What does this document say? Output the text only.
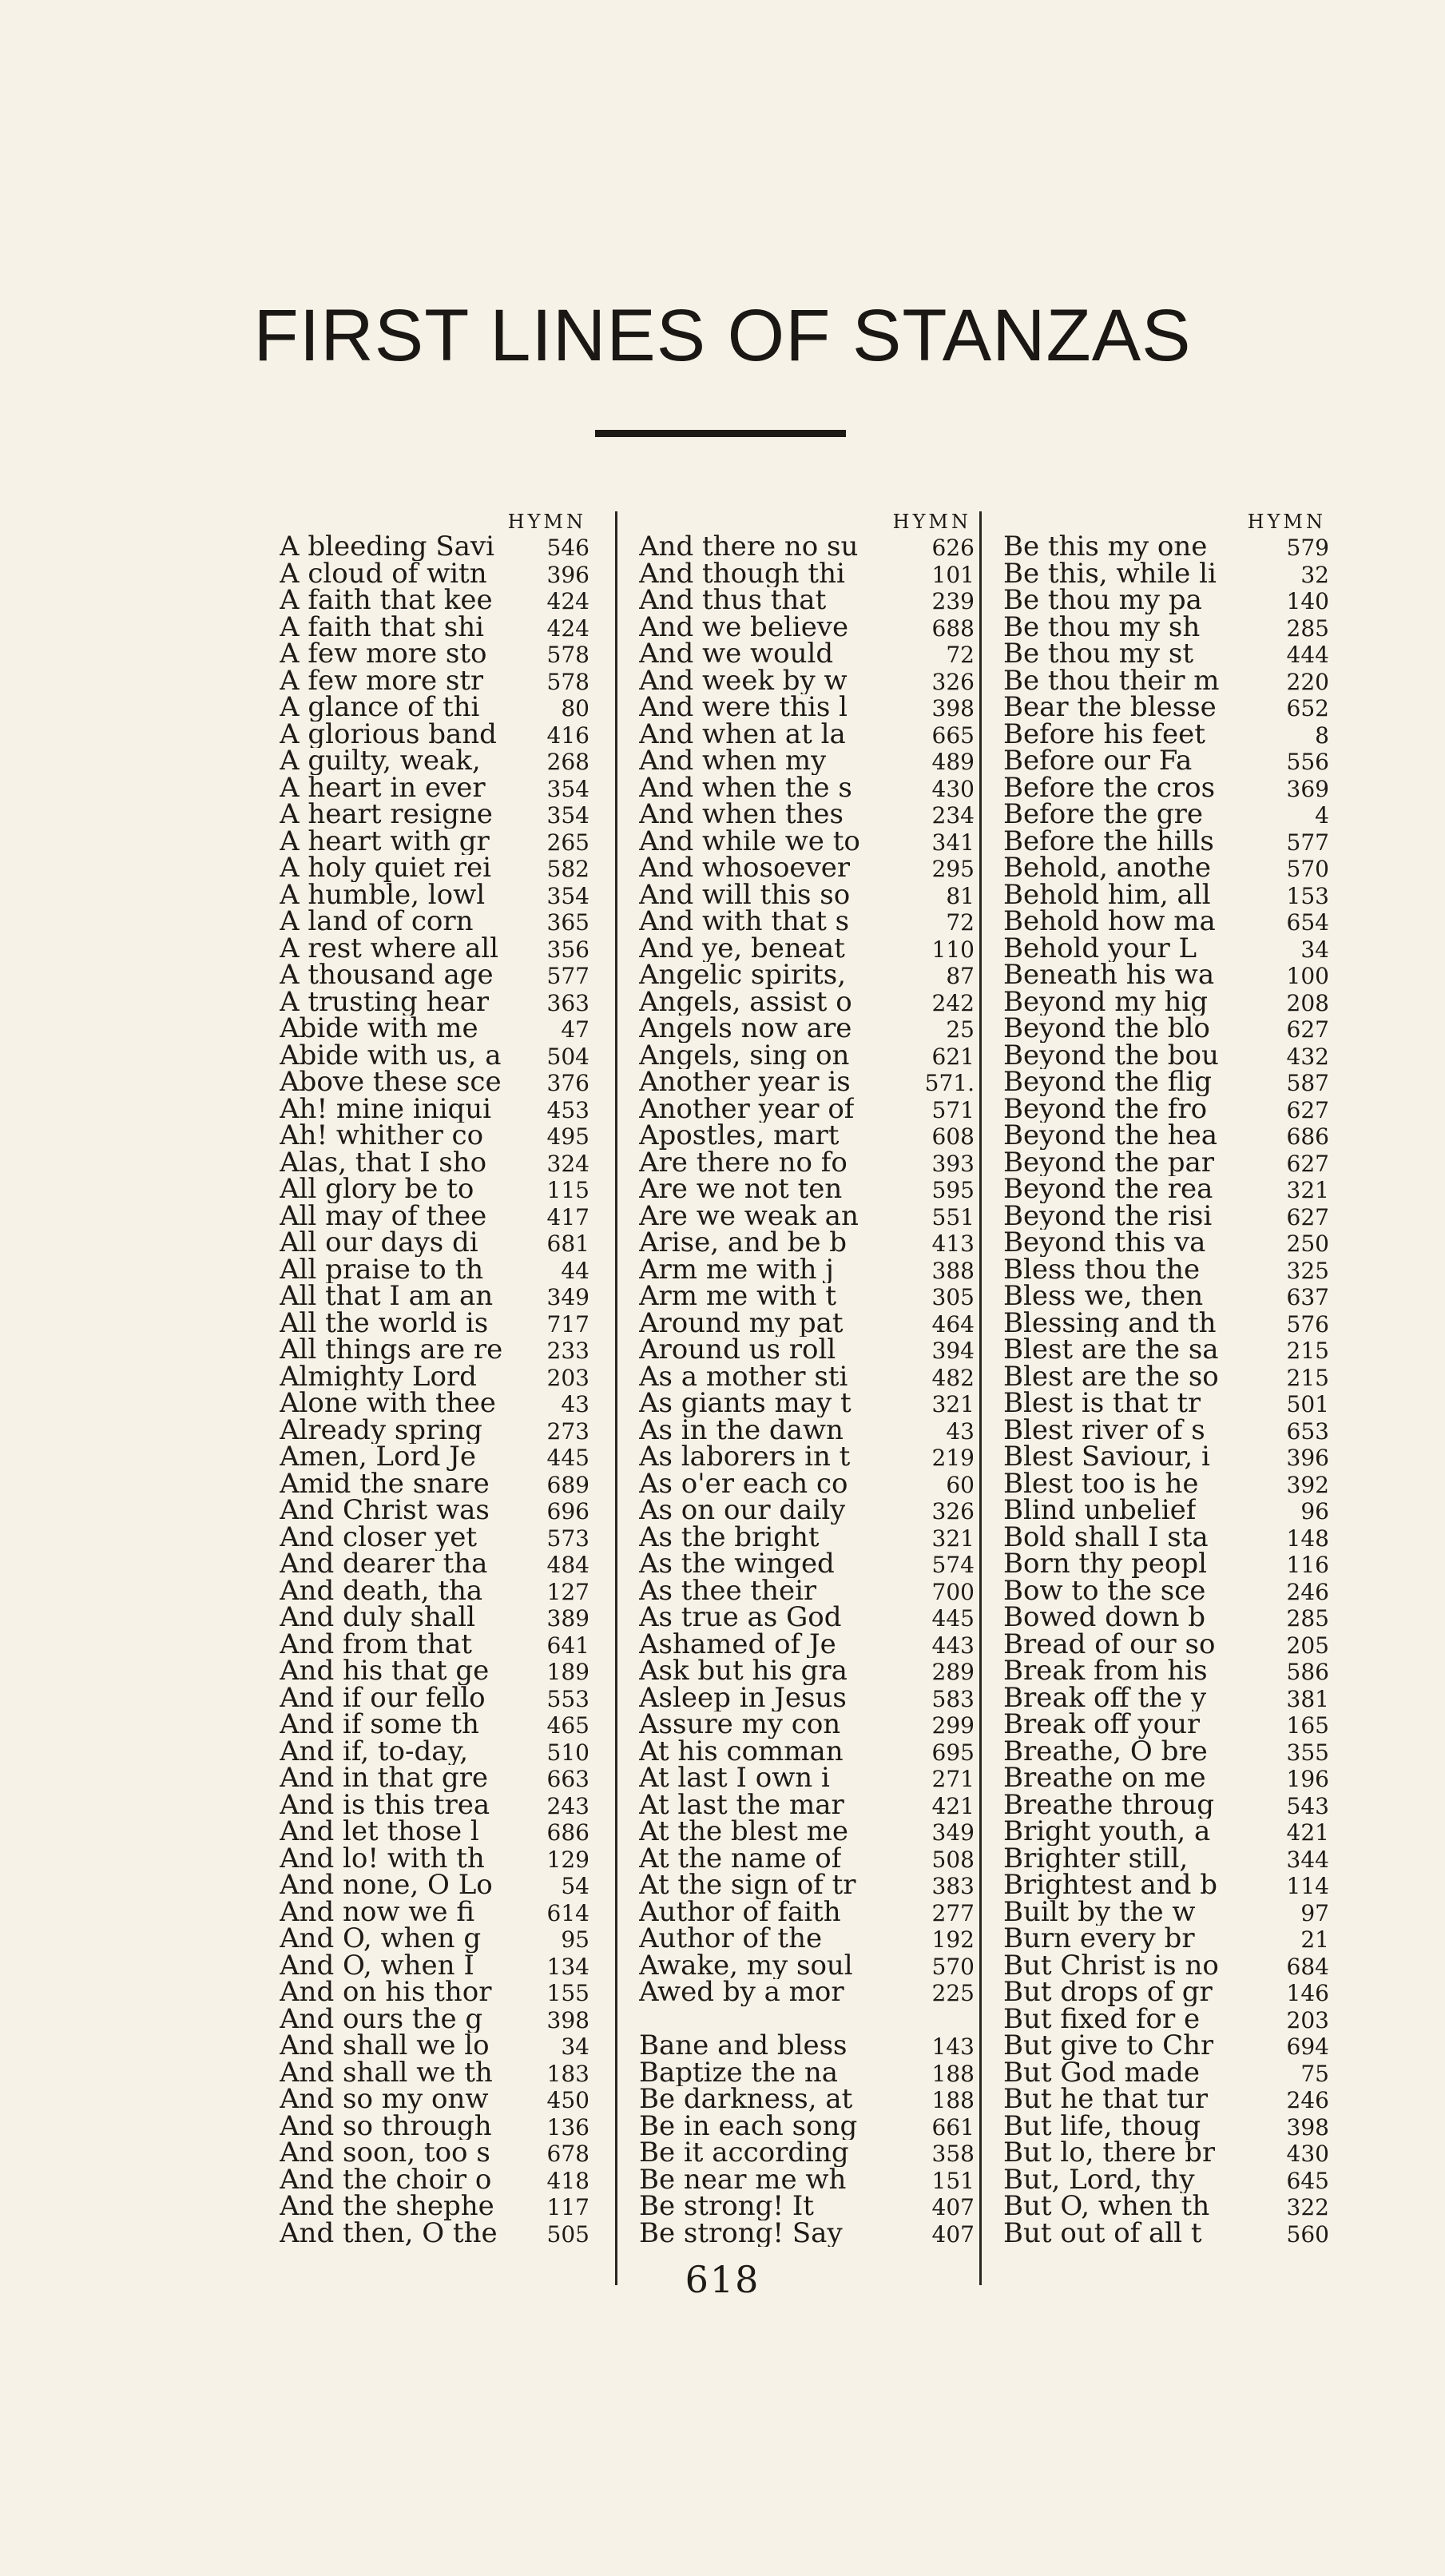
FIRST LINES OF STANZAS
HYMN
A bleeding Savi	546
A cloud of witn	396
A faith that kee	424
A faith that shi	424
A few more sto	578
A few more str	578
A glance of thi	80
A glorious band	416
A guilty, weak,	268
A heart in ever	354
A heart resigne	354
A heart with gr	265
A holy quiet rei	582
A humble, lowl	354
A land of corn	365
A rest where all	356
A thousand age	577
A trusting hear	363
Abide with me	47
Abide with us, a	504
Above these sce	376
Ah! mine iniqui	453
Ah! whither co	495
Alas, that I sho	324
All glory be to	115
All may of thee	417
All our days di	681
All praise to th	44
All that I am an	349
All the world is	717
All things are re	233
Almighty Lord	203
Alone with thee	43
Already spring	273
Amen, Lord Je	445
Amid the snare	689
And Christ was	696
And closer yet	573
And dearer tha	484
And death, tha	127
And duly shall	389
And from that	641
And his that ge	189
And if our fello	553
And if some th	465
And if, to-day,	510
And in that gre	663
And is this trea	243
And let those l	686
And lo! with th	129
And none, O Lo	54
And now we fi	614
And O, when g	95
And O, when I	134
And on his thor	155
And ours the g	398
And shall we lo	34
And shall we th	183
And so my onw	450
And so through	136
And soon, too s	678
And the choir o	418
And the shephe	117
And then, O the	505
HYMN
And there no su	626
And though thi	101
And thus that	239
And we believe	688
And we would	72
And week by w	326
And were this l	398
And when at la	665
And when my	489
And when the s	430
And when thes	234
And while we to	341
And whosoever	295
And will this so	81
And with that s	72
And ye, beneat	110
Angelic spirits,	87
Angels, assist o	242
Angels now are	25
Angels, sing on	621
Another year is	571.
Another year of	571
Apostles, mart	608
Are there no fo	393
Are we not ten	595
Are we weak an	551
Arise, and be b	413
Arm me with j	388
Arm me with t	305
Around my pat	464
Around us roll	394
As a mother sti	482
As giants may t	321
As in the dawn	43
As laborers in t	219
As o'er each co	60
As on our daily	326
As the bright	321
As the winged	574
As thee their	700
As true as God	445
Ashamed of Je	443
Ask but his gra	289
Asleep in Jesus	583
Assure my con	299
At his comman	695
At last I own i	271
At last the mar	421
At the blest me	349
At the name of	508
At the sign of tr	383
Author of faith	277
Author of the	192
Awake, my soul	570
Awed by a mor	225
Bane and bless	143
Baptize the na	188
Be darkness, at	188
Be in each song	661
Be it according	358
Be near me wh	151
Be strong! It	407
Be strong! Say	407
HYMN
Be this my one	579
Be this, while li	32
Be thou my pa	140
Be thou my sh	285
Be thou my st	444
Be thou their m	220
Bear the blesse	652
Before his feet	8
Before our Fa	556
Before the cros	369
Before the gre	4
Before the hills	577
Behold, anothe	570
Behold him, all	153
Behold how ma	654
Behold your L	34
Beneath his wa	100
Beyond my hig	208
Beyond the blo	627
Beyond the bou	432
Beyond the flig	587
Beyond the fro	627
Beyond the hea	686
Beyond the par	627
Beyond the rea	321
Beyond the risi	627
Beyond this va	250
Bless thou the	325
Bless we, then	637
Blessing and th	576
Blest are the sa	215
Blest are the so	215
Blest is that tr	501
Blest river of s	653
Blest Saviour, i	396
Blest too is he	392
Blind unbelief	96
Bold shall I sta	148
Born thy peopl	116
Bow to the sce	246
Bowed down b	285
Bread of our so	205
Break from his	586
Break off the y	381
Break off your	165
Breathe, O bre	355
Breathe on me	196
Breathe throug	543
Bright youth, a	421
Brighter still,	344
Brightest and b	114
Built by the w	97
Burn every br	21
But Christ is no	684
But drops of gr	146
But fixed for e	203
But give to Chr	694
But God made	75
But he that tur	246
But life, thoug	398
But lo, there br	430
But, Lord, thy	645
But O, when th	322
But out of all t	560
618
